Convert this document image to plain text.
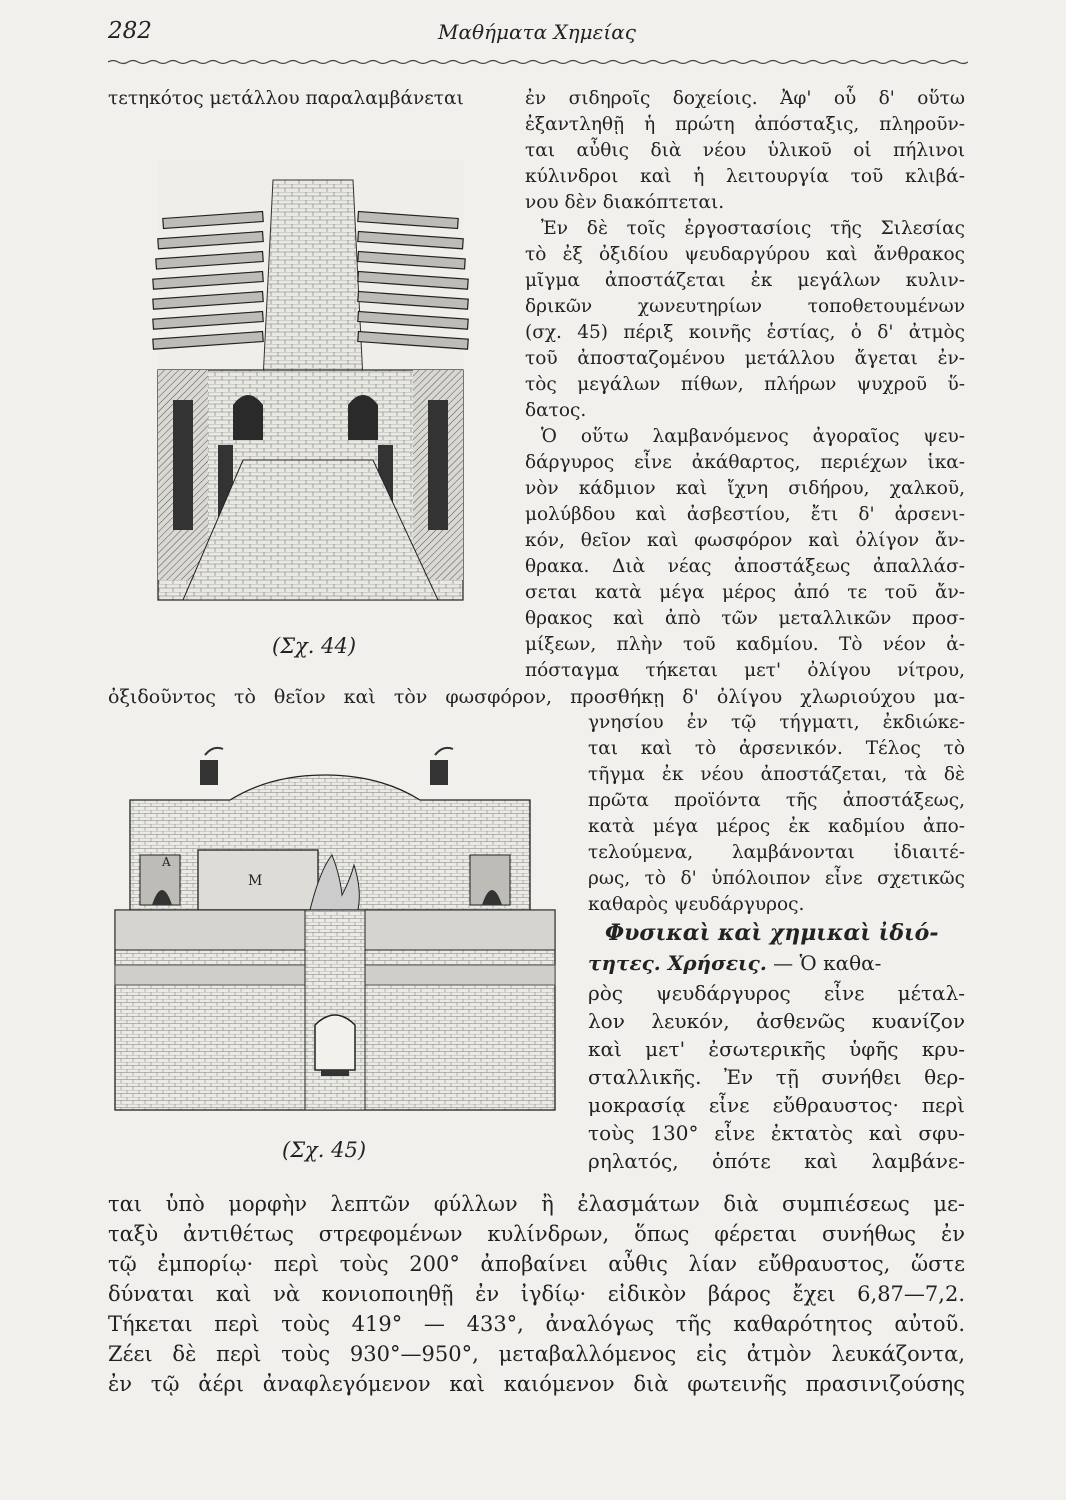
282	Μαθήματα Χημείας
τετηκότος μετάλλου παραλαμβάνεται	ἐν σιδηροῖς δοχείοις. Ἀφ' οὗ δ' οὕτω
ἐξαντληθῇ ἡ πρώτη ἀπόσταξις, πληροῦν-
ται αὖθις διὰ νέου ὑλικοῦ οἱ πήλινοι
κύλινδροι καὶ ἡ λειτουργία τοῦ κλιβά-
νου δὲν διακόπτεται.
Ἐν δὲ τοῖς ἐργοστασίοις τῆς Σιλεσίας
τὸ ἐξ ὀξιδίου ψευδαργύρου καὶ ἄνθρακος
μῖγμα ἀποστάζεται ἐκ μεγάλων κυλιν-
δρικῶν χωνευτηρίων τοποθετουμένων
(σχ. 45) πέριξ κοινῆς ἑστίας, ὁ δ' ἀτμὸς
τοῦ ἀποσταζομένου μετάλλου ἄγεται ἐν-
τὸς μεγάλων πίθων, πλήρων ψυχροῦ ὕ-
δατος.
Ὁ οὕτω λαμβανόμενος ἀγοραῖος ψευ-
δάργυρος εἶνε ἀκάθαρτος, περιέχων ἱκα-
νὸν κάδμιον καὶ ἴχνη σιδήρου, χαλκοῦ,
μολύβδου καὶ ἀσβεστίου, ἔτι δ' ἀρσενι-
κόν, θεῖον καὶ φωσφόρον καὶ ὀλίγον ἄν-
θρακα. Διὰ νέας ἀποστάξεως ἀπαλλάσ-
σεται κατὰ μέγα μέρος ἀπό τε τοῦ ἄν-
θρακος καὶ ἀπὸ τῶν μεταλλικῶν προσ-
μίξεων, πλὴν τοῦ καδμίου. Τὸ νέον ἀ-
πόσταγμα τήκεται μετ' ὀλίγου νίτρου,
(Σχ. 44)
ὀξιδοῦντος τὸ θεῖον καὶ τὸν φωσφόρον, προσθήκῃ δ' ὀλίγου χλωριούχου μα-
γνησίου ἐν τῷ τήγματι, ἐκδιώκε-
ται καὶ τὸ ἀρσενικόν. Τέλος τὸ
τῆγμα ἐκ νέου ἀποστάζεται, τὰ δὲ
πρῶτα προϊόντα τῆς ἀποστάξεως,
κατὰ μέγα μέρος ἐκ καδμίου ἀπο-
τελούμενα, λαμβάνονται ἰδιαιτέ-
ρως, τὸ δ' ὑπόλοιπον εἶνε σχετικῶς
καθαρὸς ψευδάργυρος.
Φυσικαὶ καὶ χημικαὶ ἰδιό-
τητες. Χρήσεις. — Ὁ καθα-
ρὸς ψευδάργυρος εἶνε μέταλ-
λον λευκόν, ἀσθενῶς κυανίζον
καὶ μετ' ἐσωτερικῆς ὑφῆς κρυ-
σταλλικῆς. Ἐν τῇ συνήθει θερ-
μοκρασίᾳ εἶνε εὔθραυστος· περὶ
τοὺς 130° εἶνε ἐκτατὸς καὶ σφυ-
ρηλατός, ὁπότε καὶ λαμβάνε-
A
M
(Σχ. 45)
ται ὑπὸ μορφὴν λεπτῶν φύλλων ἢ ἐλασμάτων διὰ συμπιέσεως με-
ταξὺ ἀντιθέτως στρεφομένων κυλίνδρων, ὅπως φέρεται συνήθως ἐν
τῷ ἐμπορίῳ· περὶ τοὺς 200° ἀποβαίνει αὖθις λίαν εὔθραυστος, ὥστε
δύναται καὶ νὰ κονιοποιηθῇ ἐν ἰγδίῳ· εἰδικὸν βάρος ἔχει 6,87—7,2.
Τήκεται περὶ τοὺς 419° — 433°, ἀναλόγως τῆς καθαρότητος αὐτοῦ.
Ζέει δὲ περὶ τοὺς 930°—950°, μεταβαλλόμενος εἰς ἀτμὸν λευκάζοντα,
ἐν τῷ ἀέρι ἀναφλεγόμενον καὶ καιόμενον διὰ φωτεινῆς πρασινιζούσης
